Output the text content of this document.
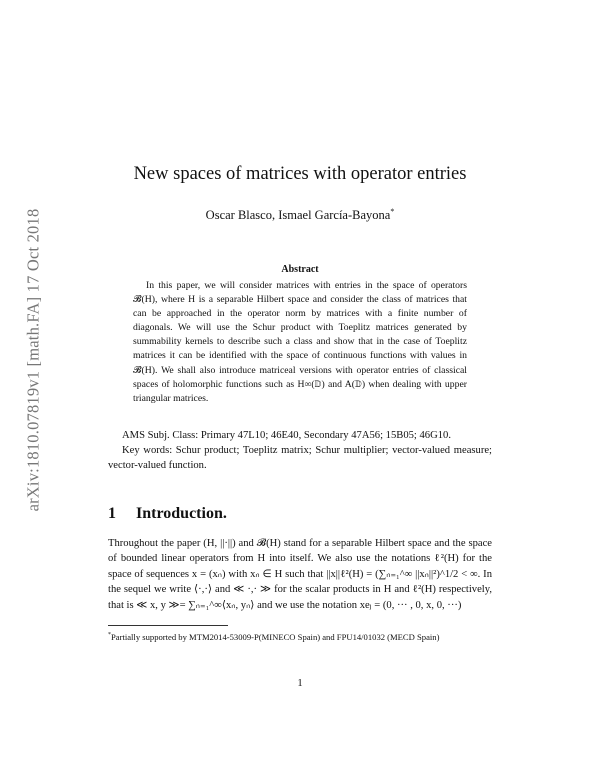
arXiv:1810.07819v1 [math.FA] 17 Oct 2018
New spaces of matrices with operator entries
Oscar Blasco, Ismael García-Bayona*
Abstract
In this paper, we will consider matrices with entries in the space of operators 𝓑(H), where H is a separable Hilbert space and consider the class of matrices that can be approached in the operator norm by matrices with a finite number of diagonals. We will use the Schur product with Toeplitz matrices generated by summability kernels to describe such a class and show that in the case of Toeplitz matrices it can be identified with the space of continuous functions with values in 𝓑(H). We shall also introduce matriceal versions with operator entries of classical spaces of holomorphic functions such as H∞(𝔻) and A(𝔻) when dealing with upper triangular matrices.

AMS Subj. Class: Primary 47L10; 46E40, Secondary 47A56; 15B05; 46G10.

Key words: Schur product; Toeplitz matrix; Schur multiplier; vector-valued measure; vector-valued function.

1 Introduction.
Throughout the paper (H, ||·||) and 𝓑(H) stand for a separable Hilbert space and the space of bounded linear operators from H into itself. We also use the notations ℓ²(H) for the space of sequences x = (xₙ) with xₙ ∈ H such that ||x||ℓ²(H) = (∑ₙ₌₁^∞ ||xₙ||²)^1/2 < ∞. In the sequel we write ⟨·,·⟩ and ≪ ·,· ≫ for the scalar products in H and ℓ²(H) respectively, that is ≪ x, y ≫= ∑ₙ₌₁^∞⟨xₙ, yₙ⟩ and we use the notation xeⱼ = (0, ··· , 0, x, 0, ···)
*Partially supported by MTM2014-53009-P(MINECO Spain) and FPU14/01032 (MECD Spain)
1
